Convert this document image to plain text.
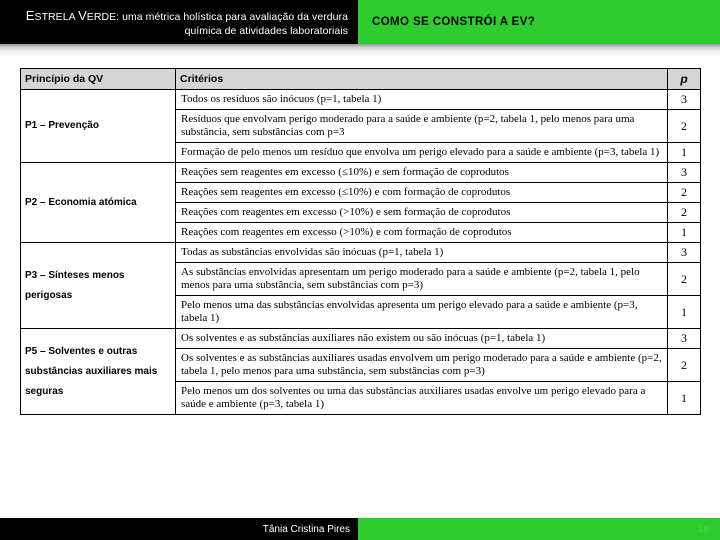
ESTRELA VERDE: uma métrica holística para avaliação da verdura química de atividades laboratoriais
COMO SE CONSTRÓI A EV?
Princípio da QV	Critérios	p
P1 – Prevenção	Todos os resíduos são inócuos (p=1, tabela 1)	3
	Resíduos que envolvam perigo moderado para a saúde e ambiente (p=2, tabela 1, pelo menos para uma substância, sem substâncias com p=3	2
	Formação de pelo menos um resíduo que envolva um perigo elevado para a saúde e ambiente (p=3, tabela 1)	1
P2 – Economia atómica	Reações sem reagentes em excesso (≤10%) e sem formação de coprodutos	3
	Reações sem reagentes em excesso (≤10%) e com formação de coprodutos	2
	Reações com reagentes em excesso (>10%) e sem formação de coprodutos	2
	Reações com reagentes em excesso (>10%) e com formação de coprodutos	1
P3 – Sínteses menos perigosas	Todas as substâncias envolvidas são inócuas (p=1, tabela 1)	3
	As substâncias envolvidas apresentam um perigo moderado para a saúde e ambiente (p=2, tabela 1, pelo menos para uma substância, sem substâncias com p=3)	2
	Pelo menos uma das substâncias envolvidas apresenta um perigo elevado para a saúde e ambiente (p=3, tabela 1)	1
P5 – Solventes e outras substâncias auxiliares mais seguras	Os solventes e as substâncias auxiliares não existem ou são inócuas (p=1, tabela 1)	3
	Os solventes e as substâncias auxiliares usadas envolvem um perigo moderado para a saúde e ambiente (p=2, tabela 1, pelo menos para uma substância, sem substâncias com p=3)	2
	Pelo menos um dos solventes ou uma das substâncias auxiliares usadas envolve um perigo elevado para a saúde e ambiente (p=3, tabela 1)	1
Tânia Cristina Pires	18
